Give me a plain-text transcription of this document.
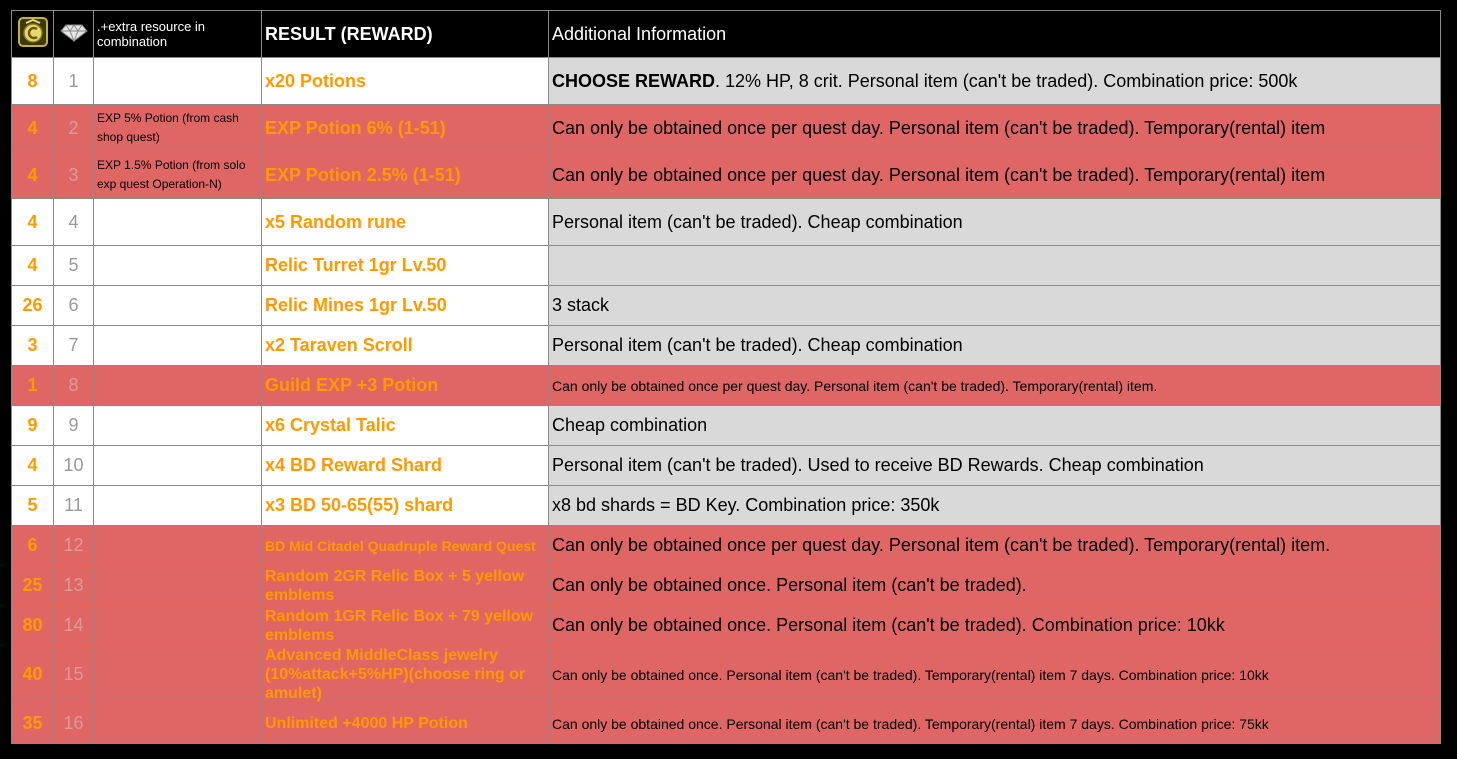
		.+extra resource in combination	RESULT (REWARD)	Additional Information
8	1		x20 Potions	CHOOSE REWARD. 12% HP, 8 crit. Personal item (can't be traded). Combination price: 500k
4	2	EXP 5% Potion (from cash shop quest)	EXP Potion 6% (1-51)	Can only be obtained once per quest day. Personal item (can't be traded). Temporary(rental) item
4	3	EXP 1.5% Potion (from solo exp quest Operation-N)	EXP Potion 2.5% (1-51)	Can only be obtained once per quest day. Personal item (can't be traded). Temporary(rental) item
4	4		x5 Random rune	Personal item (can't be traded). Cheap combination
4	5		Relic Turret 1gr Lv.50	
26	6		Relic Mines 1gr Lv.50	3 stack
3	7		x2 Taraven Scroll	Personal item (can't be traded). Cheap combination
1	8		Guild EXP +3 Potion	Can only be obtained once per quest day. Personal item (can't be traded). Temporary(rental) item.
9	9		x6 Crystal Talic	Cheap combination
4	10		x4 BD Reward Shard	Personal item (can't be traded). Used to receive BD Rewards. Cheap combination
5	11		x3 BD 50-65(55) shard	x8 bd shards = BD Key. Combination price: 350k
6	12		BD Mid Citadel Quadruple Reward Quest	Can only be obtained once per quest day. Personal item (can't be traded). Temporary(rental) item.
25	13		Random 2GR Relic Box + 5 yellow emblems	Can only be obtained once. Personal item (can't be traded).
80	14		Random 1GR Relic Box + 79 yellow emblems	Can only be obtained once. Personal item (can't be traded). Combination price: 10kk
40	15		Advanced MiddleClass jewelry (10%attack+5%HP)(choose ring or amulet)	Can only be obtained once. Personal item (can't be traded). Temporary(rental) item 7 days. Combination price: 10kk
35	16		Unlimited +4000 HP Potion	Can only be obtained once. Personal item (can't be traded). Temporary(rental) item 7 days. Combination price: 75kk
